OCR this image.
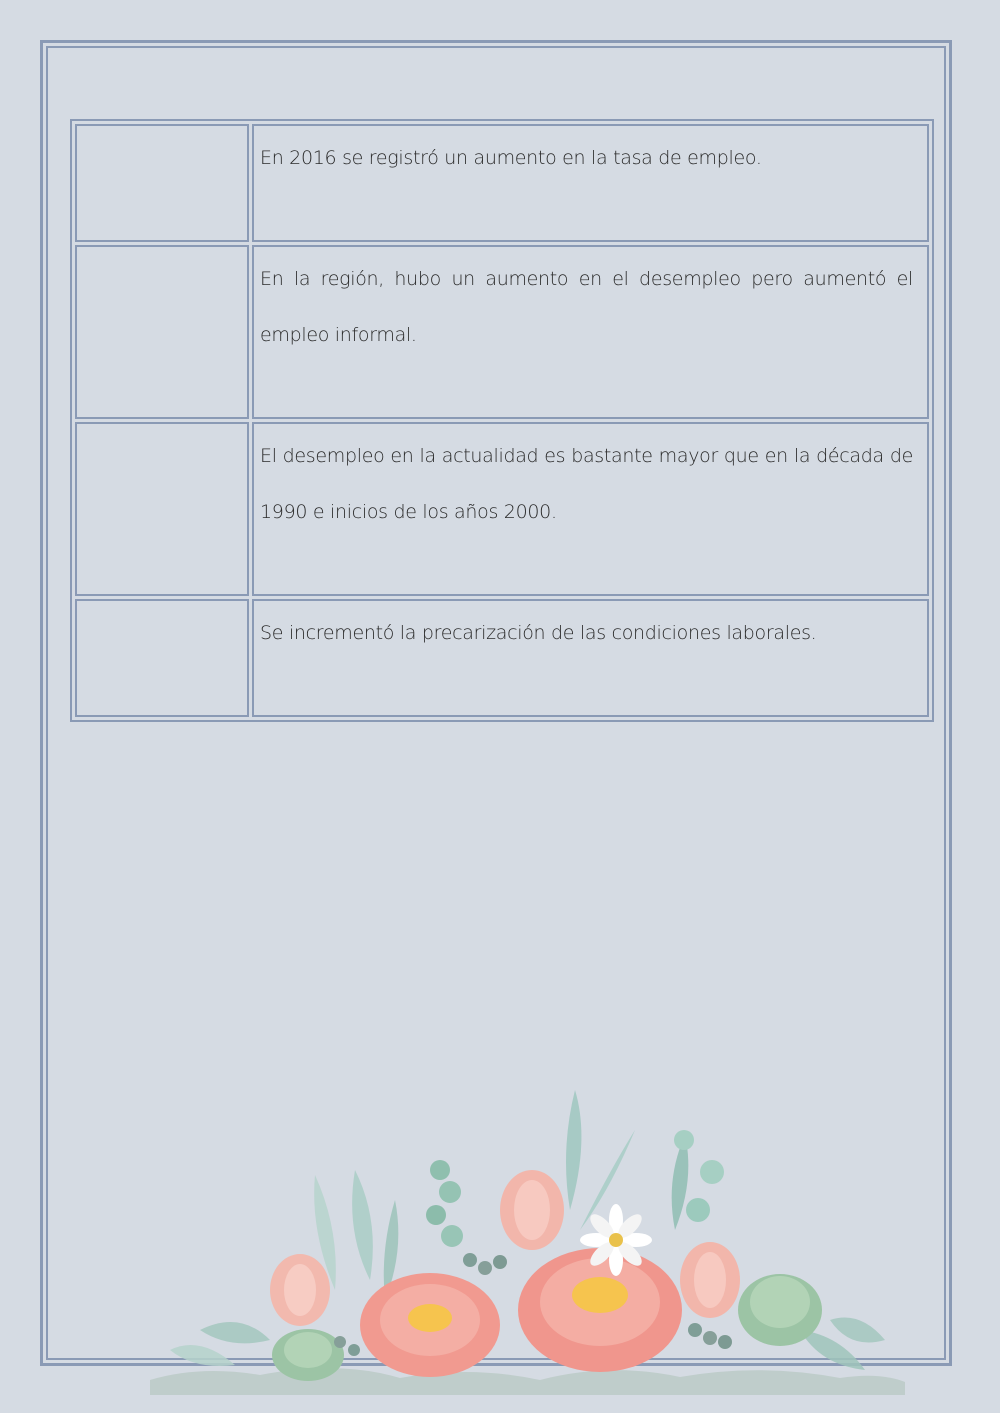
	En 2016 se registró un aumento en la tasa de empleo.

	En la región, hubo un aumento en el desempleo pero aumentó el empleo informal.

	El desempleo en la actualidad es bastante mayor que en la década de 1990 e inicios de los años 2000.

	Se incrementó la precarización de las condiciones laborales.
